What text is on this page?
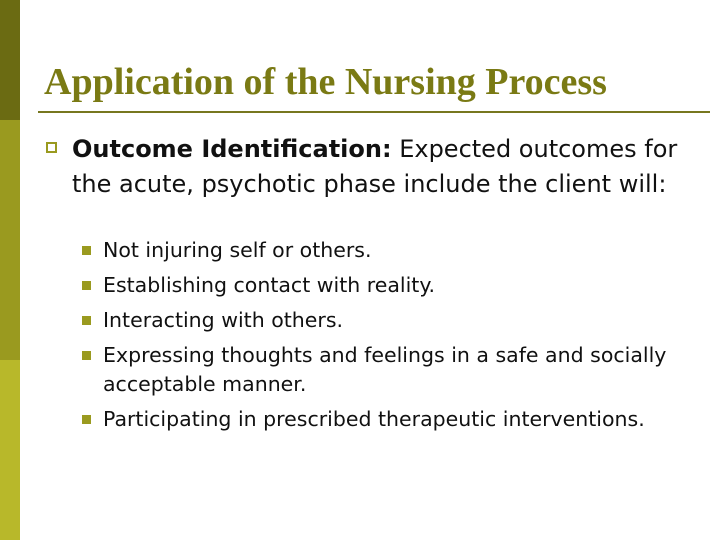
Application of the Nursing Process
Outcome Identification: Expected outcomes for the acute, psychotic phase include the client will:
Not injuring self or others.
Establishing contact with reality.
Interacting with others.
Expressing thoughts and feelings in a safe and socially acceptable manner.
Participating in prescribed therapeutic interventions.
